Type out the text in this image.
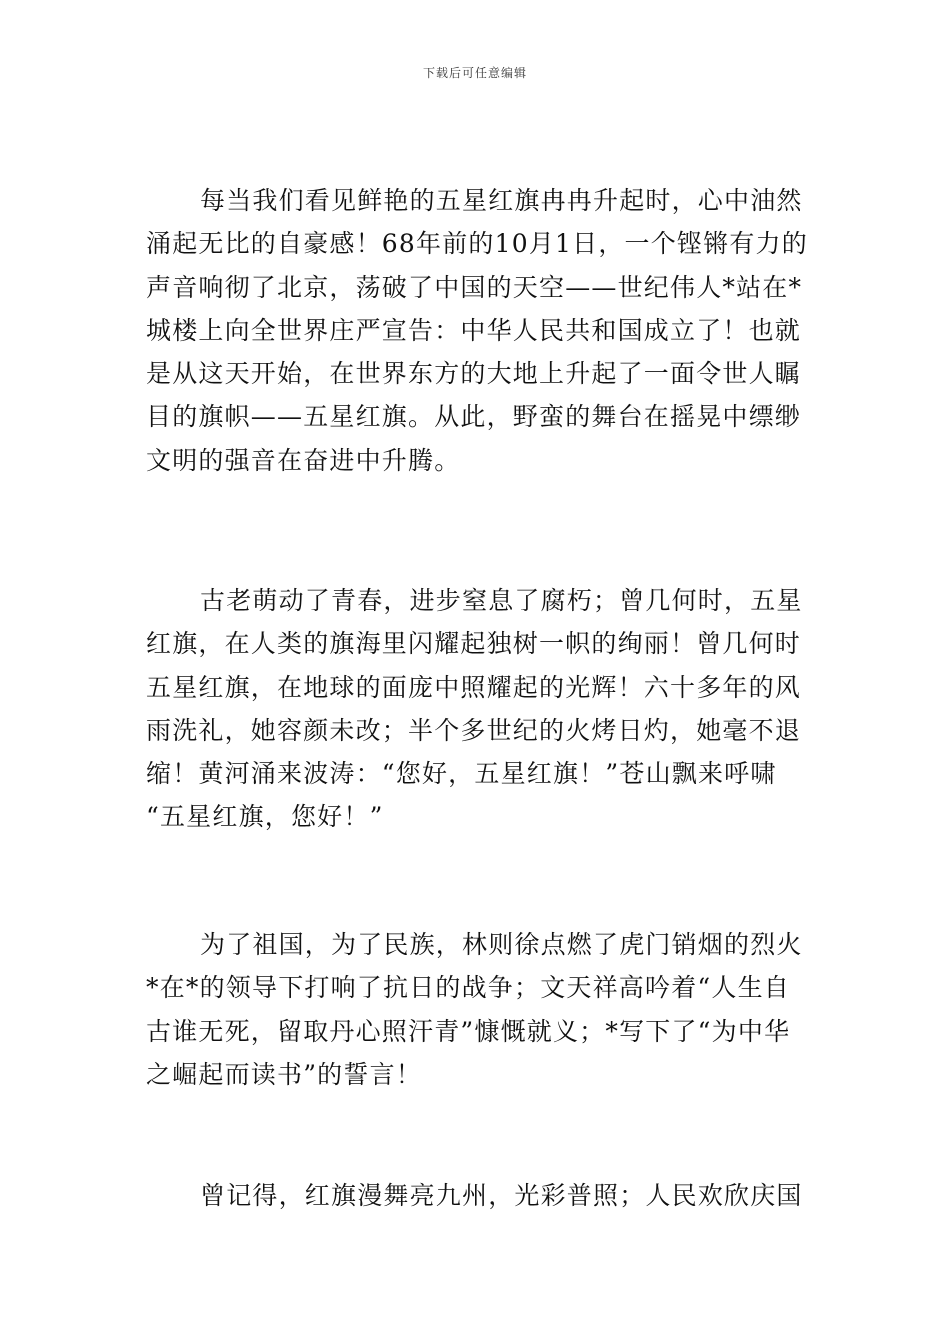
下载后可任意编辑

每当我们看见鲜艳的五星红旗冉冉升起时，心中油然
涌起无比的自豪感！68年前的10月1日，一个铿锵有力的
声音响彻了北京，荡破了中国的天空——世纪伟人*站在*
城楼上向全世界庄严宣告：中华人民共和国成立了！也就
是从这天开始，在世界东方的大地上升起了一面令世人瞩
目的旗帜——五星红旗。从此，野蛮的舞台在摇晃中缥缈
文明的强音在奋进中升腾。

古老萌动了青春，进步窒息了腐朽；曾几何时，五星
红旗，在人类的旗海里闪耀起独树一帜的绚丽！曾几何时
五星红旗，在地球的面庞中照耀起的光辉！六十多年的风
雨洗礼，她容颜未改；半个多世纪的火烤日灼，她毫不退
缩！黄河涌来波涛：“您好，五星红旗！”苍山飘来呼啸
“五星红旗，您好！”

为了祖国，为了民族，林则徐点燃了虎门销烟的烈火
*在*的领导下打响了抗日的战争；文天祥高吟着“人生自
古谁无死，留取丹心照汗青”慷慨就义；*写下了“为中华
之崛起而读书”的誓言！

曾记得，红旗漫舞亮九州，光彩普照；人民欢欣庆国
